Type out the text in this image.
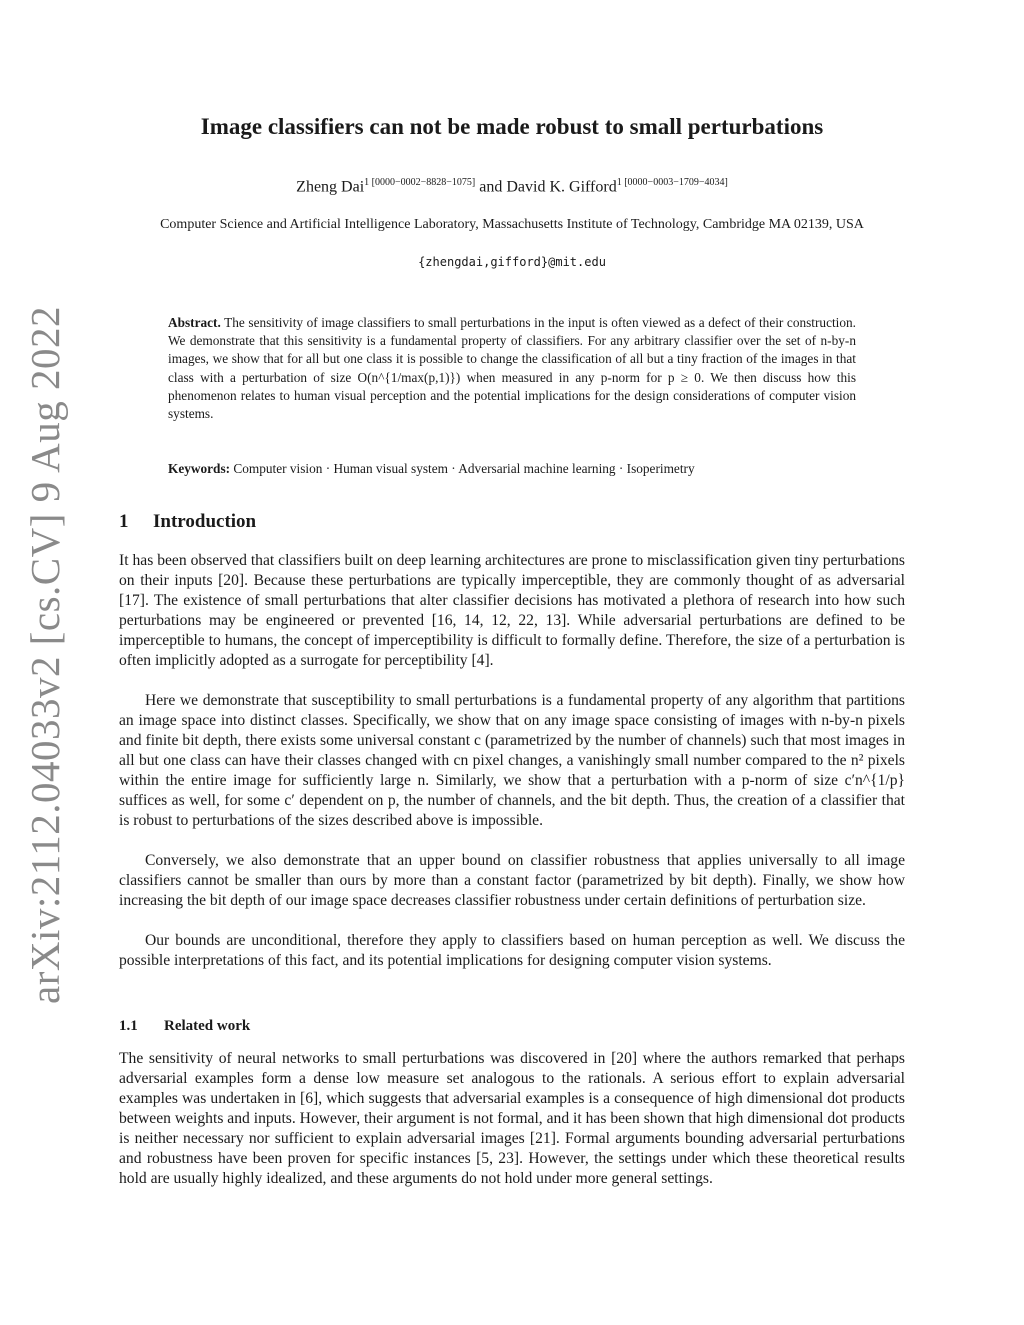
arXiv:2112.04033v2 [cs.CV] 9 Aug 2022
Image classifiers can not be made robust to small perturbations
Zheng Dai$^{1 [0000-0002-8828-1075]}$ and David K. Gifford$^{1 [0000-0003-1709-4034]}$
Computer Science and Artificial Intelligence Laboratory, Massachusetts Institute of Technology, Cambridge MA 02139, USA
{zhengdai,gifford}@mit.edu
Abstract. The sensitivity of image classifiers to small perturbations in the input is often viewed as a defect of their construction. We demonstrate that this sensitivity is a fundamental property of classifiers. For any arbitrary classifier over the set of n-by-n images, we show that for all but one class it is possible to change the classification of all but a tiny fraction of the images in that class with a perturbation of size O(n^{1/max(p,1)}) when measured in any p-norm for p ≥ 0. We then discuss how this phenomenon relates to human visual perception and the potential implications for the design considerations of computer vision systems.
Keywords: Computer vision · Human visual system · Adversarial machine learning · Isoperimetry
1 Introduction

It has been observed that classifiers built on deep learning architectures are prone to misclassification given tiny perturbations on their inputs [20]. Because these perturbations are typically imperceptible, they are commonly thought of as adversarial [17]. The existence of small perturbations that alter classifier decisions has motivated a plethora of research into how such perturbations may be engineered or prevented [16, 14, 12, 22, 13]. While adversarial perturbations are defined to be imperceptible to humans, the concept of imperceptibility is difficult to formally define. Therefore, the size of a perturbation is often implicitly adopted as a surrogate for perceptibility [4].

Here we demonstrate that susceptibility to small perturbations is a fundamental property of any algorithm that partitions an image space into distinct classes. Specifically, we show that on any image space consisting of images with n-by-n pixels and finite bit depth, there exists some universal constant c (parametrized by the number of channels) such that most images in all but one class can have their classes changed with cn pixel changes, a vanishingly small number compared to the n² pixels within the entire image for sufficiently large n. Similarly, we show that a perturbation with a p-norm of size c′n^{1/p} suffices as well, for some c′ dependent on p, the number of channels, and the bit depth. Thus, the creation of a classifier that is robust to perturbations of the sizes described above is impossible.

Conversely, we also demonstrate that an upper bound on classifier robustness that applies universally to all image classifiers cannot be smaller than ours by more than a constant factor (parametrized by bit depth). Finally, we show how increasing the bit depth of our image space decreases classifier robustness under certain definitions of perturbation size.

Our bounds are unconditional, therefore they apply to classifiers based on human perception as well. We discuss the possible interpretations of this fact, and its potential implications for designing computer vision systems.

1.1 Related work

The sensitivity of neural networks to small perturbations was discovered in [20] where the authors remarked that perhaps adversarial examples form a dense low measure set analogous to the rationals. A serious effort to explain adversarial examples was undertaken in [6], which suggests that adversarial examples is a consequence of high dimensional dot products between weights and inputs. However, their argument is not formal, and it has been shown that high dimensional dot products is neither necessary nor sufficient to explain adversarial images [21]. Formal arguments bounding adversarial perturbations and robustness have been proven for specific instances [5, 23]. However, the settings under which these theoretical results hold are usually highly idealized, and these arguments do not hold under more general settings.
